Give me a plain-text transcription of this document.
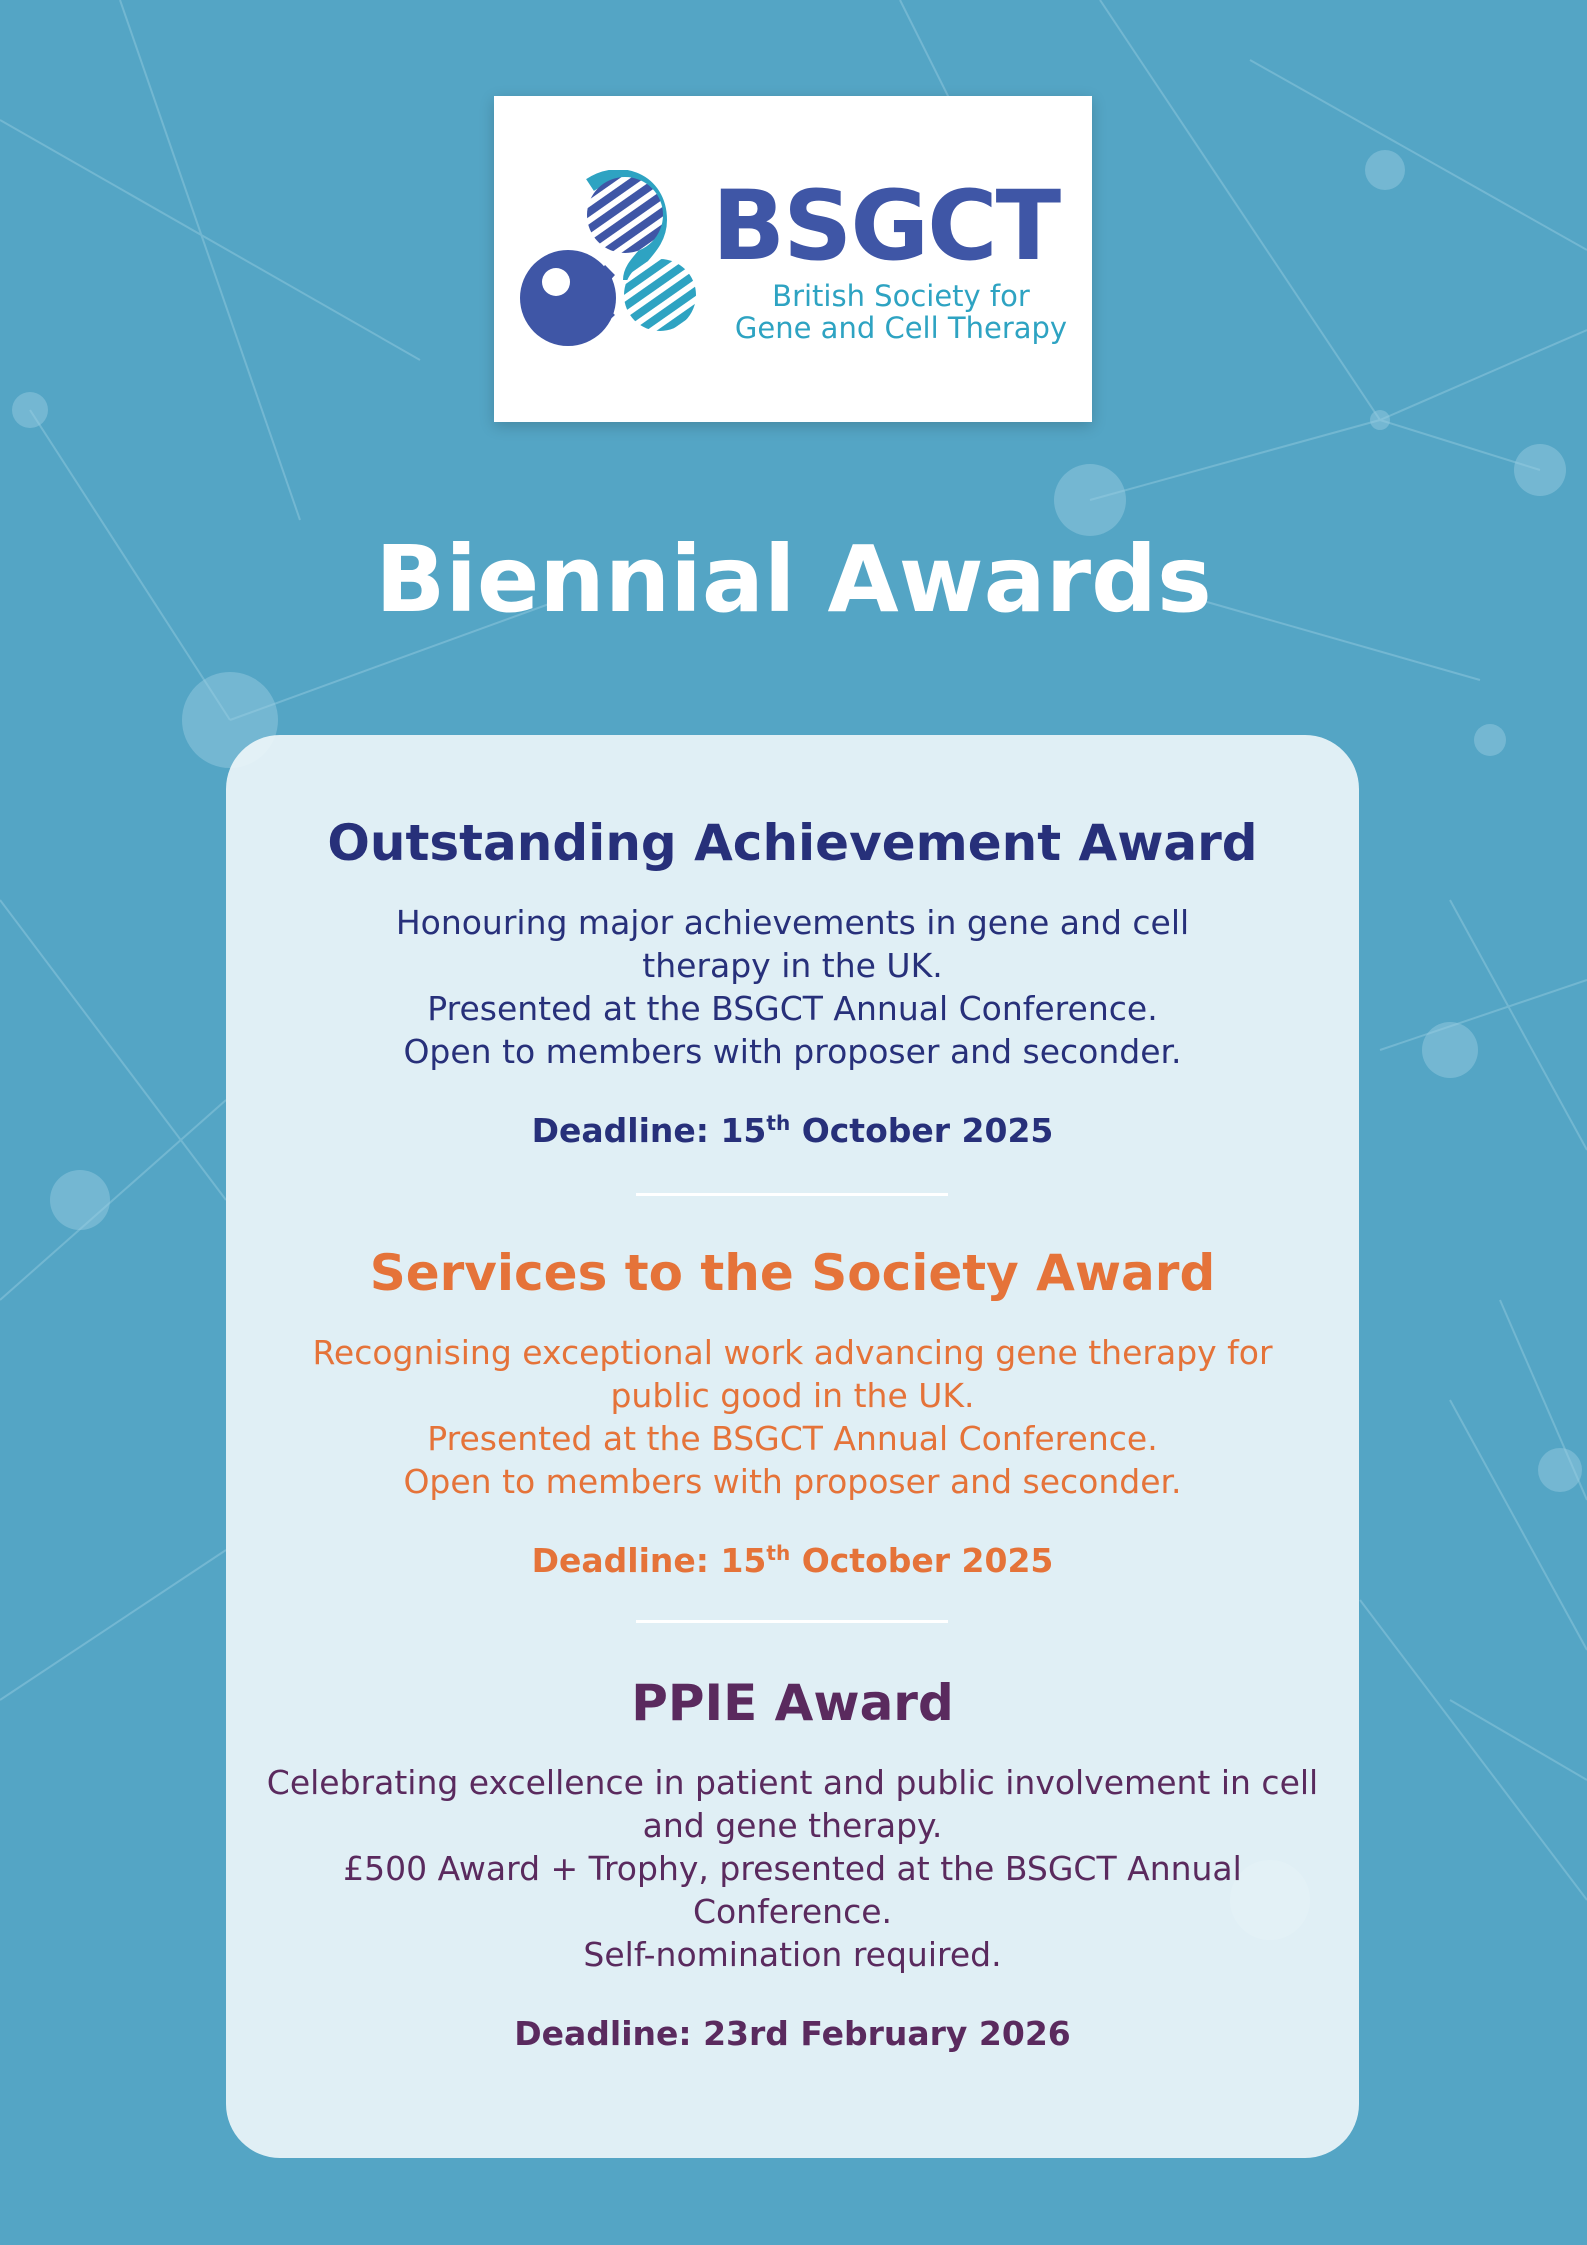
BSGCT
British Society for
Gene and Cell Therapy
Biennial Awards
Outstanding Achievement Award
Honouring major achievements in gene and cell
therapy in the UK.
Presented at the BSGCT Annual Conference.
Open to members with proposer and seconder.
Deadline: 15th October 2025
Services to the Society Award
Recognising exceptional work advancing gene therapy for
public good in the UK.
Presented at the BSGCT Annual Conference.
Open to members with proposer and seconder.
Deadline: 15th October 2025
PPIE Award
Celebrating excellence in patient and public involvement in cell
and gene therapy.
£500 Award + Trophy, presented at the BSGCT Annual
Conference.
Self-nomination required.
Deadline: 23rd February 2026
